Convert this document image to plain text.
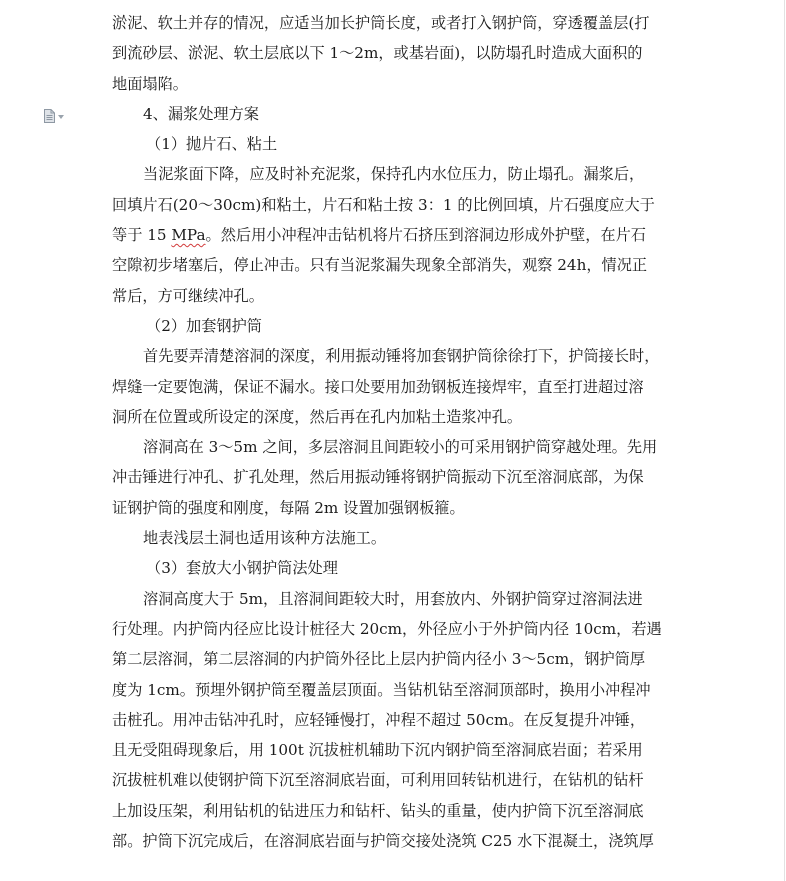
淤泥、软土并存的情况，应适当加长护筒长度，或者打入钢护筒，穿透覆盖层(打
到流砂层、淤泥、软土层底以下 1～2m，或基岩面)，以防塌孔时造成大面积的
地面塌陷。
4、漏浆处理方案
（1）抛片石、粘土
当泥浆面下降，应及时补充泥浆，保持孔内水位压力，防止塌孔。漏浆后，
回填片石(20～30cm)和粘土，片石和粘土按 3：1 的比例回填，片石强度应大于
等于 15 MPa。然后用小冲程冲击钻机将片石挤压到溶洞边形成外护壁，在片石
空隙初步堵塞后，停止冲击。只有当泥浆漏失现象全部消失，观察 24h，情况正
常后，方可继续冲孔。
（2）加套钢护筒
首先要弄清楚溶洞的深度，利用振动锤将加套钢护筒徐徐打下，护筒接长时，
焊缝一定要饱满，保证不漏水。接口处要用加劲钢板连接焊牢，直至打进超过溶
洞所在位置或所设定的深度，然后再在孔内加粘土造浆冲孔。
溶洞高在 3～5m 之间，多层溶洞且间距较小的可采用钢护筒穿越处理。先用
冲击锤进行冲孔、扩孔处理，然后用振动锤将钢护筒振动下沉至溶洞底部，为保
证钢护筒的强度和刚度，每隔 2m 设置加强钢板箍。
地表浅层土洞也适用该种方法施工。
（3）套放大小钢护筒法处理
溶洞高度大于 5m，且溶洞间距较大时，用套放内、外钢护筒穿过溶洞法进
行处理。内护筒内径应比设计桩径大 20cm，外径应小于外护筒内径 10cm，若遇
第二层溶洞，第二层溶洞的内护筒外径比上层内护筒内径小 3～5cm，钢护筒厚
度为 1cm。预埋外钢护筒至覆盖层顶面。当钻机钻至溶洞顶部时，换用小冲程冲
击桩孔。用冲击钻冲孔时，应轻锤慢打，冲程不超过 50cm。在反复提升冲锤，
且无受阻碍现象后，用 100t 沉拔桩机辅助下沉内钢护筒至溶洞底岩面；若采用
沉拔桩机难以使钢护筒下沉至溶洞底岩面，可利用回转钻机进行，在钻机的钻杆
上加设压架，利用钻机的钻进压力和钻杆、钻头的重量，使内护筒下沉至溶洞底
部。护筒下沉完成后，在溶洞底岩面与护筒交接处浇筑 C25 水下混凝土，浇筑厚
